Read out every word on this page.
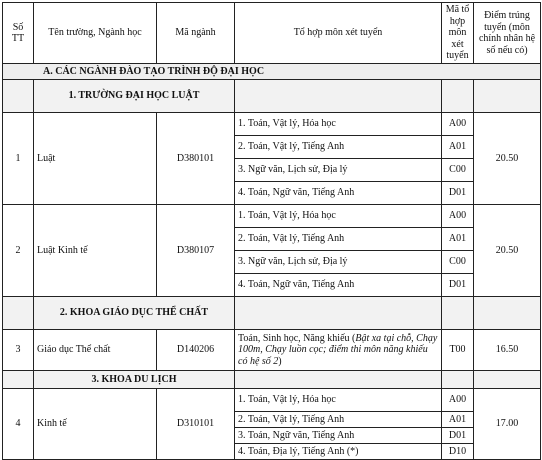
Số TT	Tên trường, Ngành học	Mã ngành	Tổ hợp môn xét tuyển	Mã tổ hợp môn xét tuyển	Điểm trúng tuyển (môn chính nhân hệ số nếu có)
A. CÁC NGÀNH ĐÀO TẠO TRÌNH ĐỘ ĐẠI HỌC					
	1. TRƯỜNG ĐẠI HỌC LUẬT				
1	Luật	D380101	1. Toán, Vật lý, Hóa học	A00	20.50
			2. Toán, Vật lý, Tiếng Anh	A01	
			3. Ngữ văn, Lịch sử, Địa lý	C00	
			4. Toán, Ngữ văn, Tiếng Anh	D01	
2	Luật Kinh tế	D380107	1. Toán, Vật lý, Hóa học	A00	20.50
			2. Toán, Vật lý, Tiếng Anh	A01	
			3. Ngữ văn, Lịch sử, Địa lý	C00	
			4. Toán, Ngữ văn, Tiếng Anh	D01	
	2. KHOA GIÁO DỤC THỂ CHẤT				
3	Giáo dục Thể chất	D140206	Toán, Sinh học, Năng khiếu (Bật xa tại chỗ, Chạy 100m, Chạy luồn cọc; điểm thi môn năng khiếu có hệ số 2)	T00	16.50
	3. KHOA DU LỊCH				
4	Kinh tế	D310101	1. Toán, Vật lý, Hóa học	A00	17.00
			2. Toán, Vật lý, Tiếng Anh	A01	
			3. Toán, Ngữ văn, Tiếng Anh	D01	
			4. Toán, Địa lý, Tiếng Anh (*)	D10	
